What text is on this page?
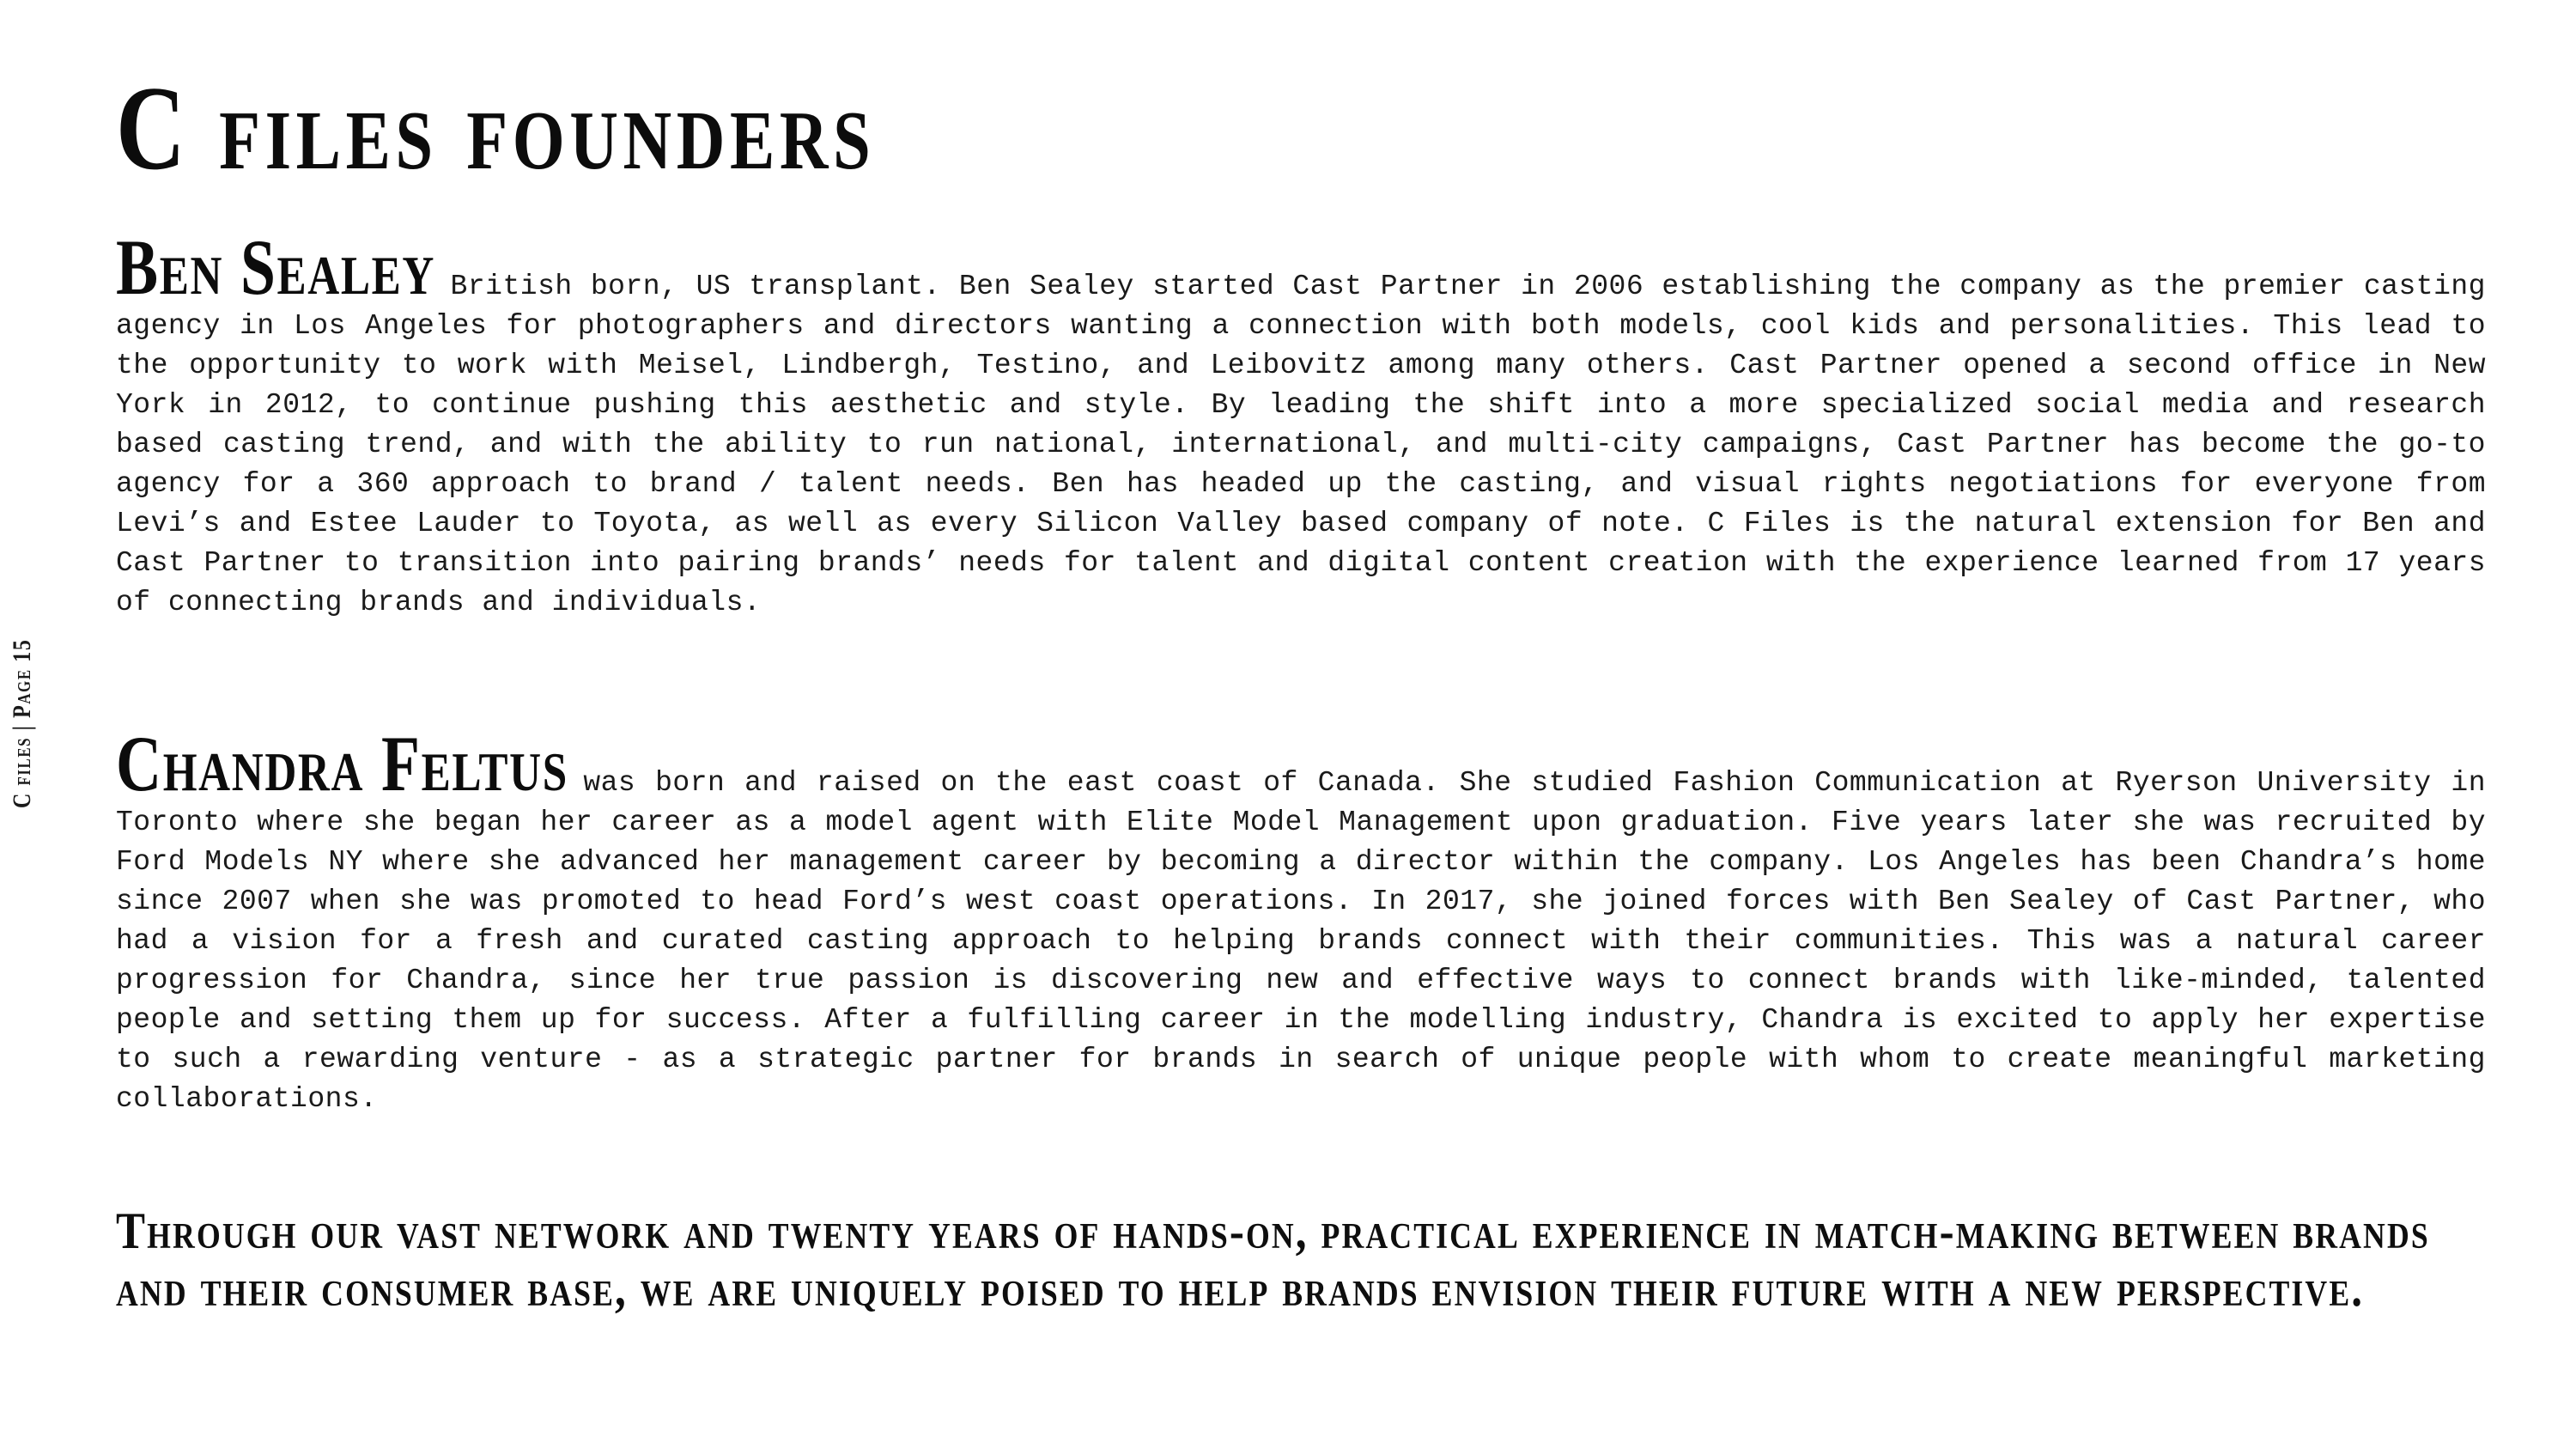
C files | Page 15
C files founders

Ben Sealey British born, US transplant. Ben Sealey started Cast Partner in 2006 establishing the company as the premier casting agency in Los Angeles for photographers and directors wanting a connection with both models, cool kids and personalities. This lead to the opportunity to work with Meisel, Lindbergh, Testino, and Leibovitz among many others. Cast Partner opened a second office in New York in 2012, to continue pushing this aesthetic and style. By leading the shift into a more specialized social media and research based casting trend, and with the ability to run national, international, and multi-city campaigns, Cast Partner has become the go-to agency for a 360 approach to brand / talent needs. Ben has headed up the casting, and visual rights negotiations for everyone from Levi’s and Estee Lauder to Toyota, as well as every Silicon Valley based company of note. C Files is the natural extension for Ben and Cast Partner to transition into pairing brands’ needs for talent and digital content creation with the experience learned from 17 years of connecting brands and individuals.

Chandra Feltus was born and raised on the east coast of Canada. She studied Fashion Communication at Ryerson University in Toronto where she began her career as a model agent with Elite Model Management upon graduation. Five years later she was recruited by Ford Models NY where she advanced her management career by becoming a director within the company. Los Angeles has been Chandra’s home since 2007 when she was promoted to head Ford’s west coast operations. In 2017, she joined forces with Ben Sealey of Cast Partner, who had a vision for a fresh and curated casting approach to helping brands connect with their communities. This was a natural career progression for Chandra, since her true passion is discovering new and effective ways to connect brands with like-minded, talented people and setting them up for success. After a fulfilling career in the modelling industry, Chandra is excited to apply her expertise to such a rewarding venture - as a strategic partner for brands in search of unique people with whom to create meaningful marketing collaborations.

Through our vast network and twenty years of hands-on, practical experience in match-making between brands and their consumer base, we are uniquely poised to help brands envision their future with a new perspective.
